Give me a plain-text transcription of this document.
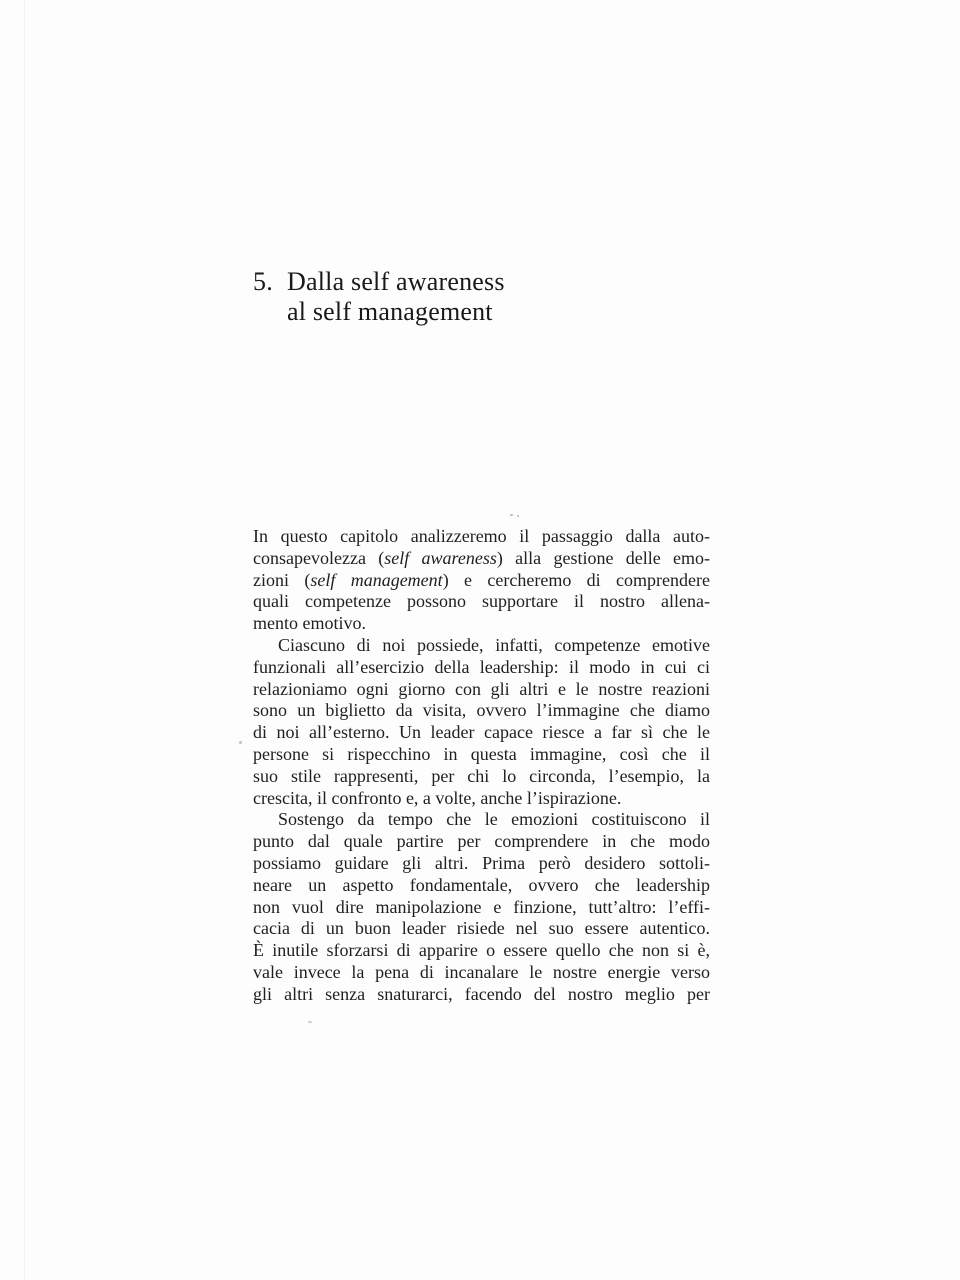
5. Dalla self awareness
al self management
In questo capitolo analizzeremo il passaggio dalla auto-
consapevolezza (self awareness) alla gestione delle emo-
zioni (self management) e cercheremo di comprendere
quali competenze possono supportare il nostro allena-
mento emotivo.
Ciascuno di noi possiede, infatti, competenze emotive
funzionali all’esercizio della leadership: il modo in cui ci
relazioniamo ogni giorno con gli altri e le nostre reazioni
sono un biglietto da visita, ovvero l’immagine che diamo
di noi all’esterno. Un leader capace riesce a far sì che le
persone si rispecchino in questa immagine, così che il
suo stile rappresenti, per chi lo circonda, l’esempio, la
crescita, il confronto e, a volte, anche l’ispirazione.
Sostengo da tempo che le emozioni costituiscono il
punto dal quale partire per comprendere in che modo
possiamo guidare gli altri. Prima però desidero sottoli-
neare un aspetto fondamentale, ovvero che leadership
non vuol dire manipolazione e finzione, tutt’altro: l’effi-
cacia di un buon leader risiede nel suo essere autentico.
È inutile sforzarsi di apparire o essere quello che non si è,
vale invece la pena di incanalare le nostre energie verso
gli altri senza snaturarci, facendo del nostro meglio per
